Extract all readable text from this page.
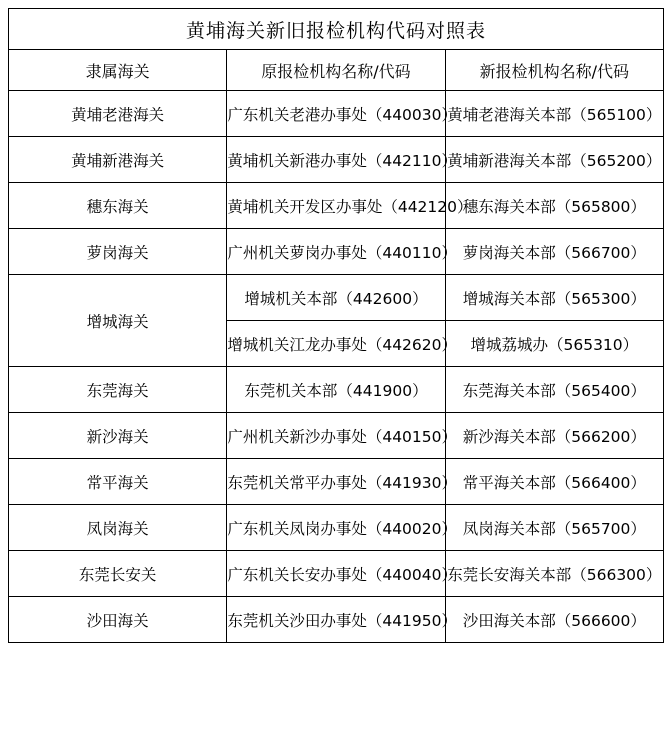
黄埔海关新旧报检机构代码对照表		
隶属海关	原报检机构名称/代码	新报检机构名称/代码
黄埔老港海关	广东机关老港办事处（440030）	黄埔老港海关本部（565100）
黄埔新港海关	黄埔机关新港办事处（442110）	黄埔新港海关本部（565200）
穗东海关	黄埔机关开发区办事处（442120）	穗东海关本部（565800）
萝岗海关	广州机关萝岗办事处（440110）	萝岗海关本部（566700）
增城海关	增城机关本部（442600）	增城海关本部（565300）
	增城机关江龙办事处（442620）	增城荔城办（565310）
东莞海关	东莞机关本部（441900）	东莞海关本部（565400）
新沙海关	广州机关新沙办事处（440150）	新沙海关本部（566200）
常平海关	东莞机关常平办事处（441930）	常平海关本部（566400）
凤岗海关	广东机关凤岗办事处（440020）	凤岗海关本部（565700）
东莞长安关	广东机关长安办事处（440040）	东莞长安海关本部（566300）
沙田海关	东莞机关沙田办事处（441950）	沙田海关本部（566600）
